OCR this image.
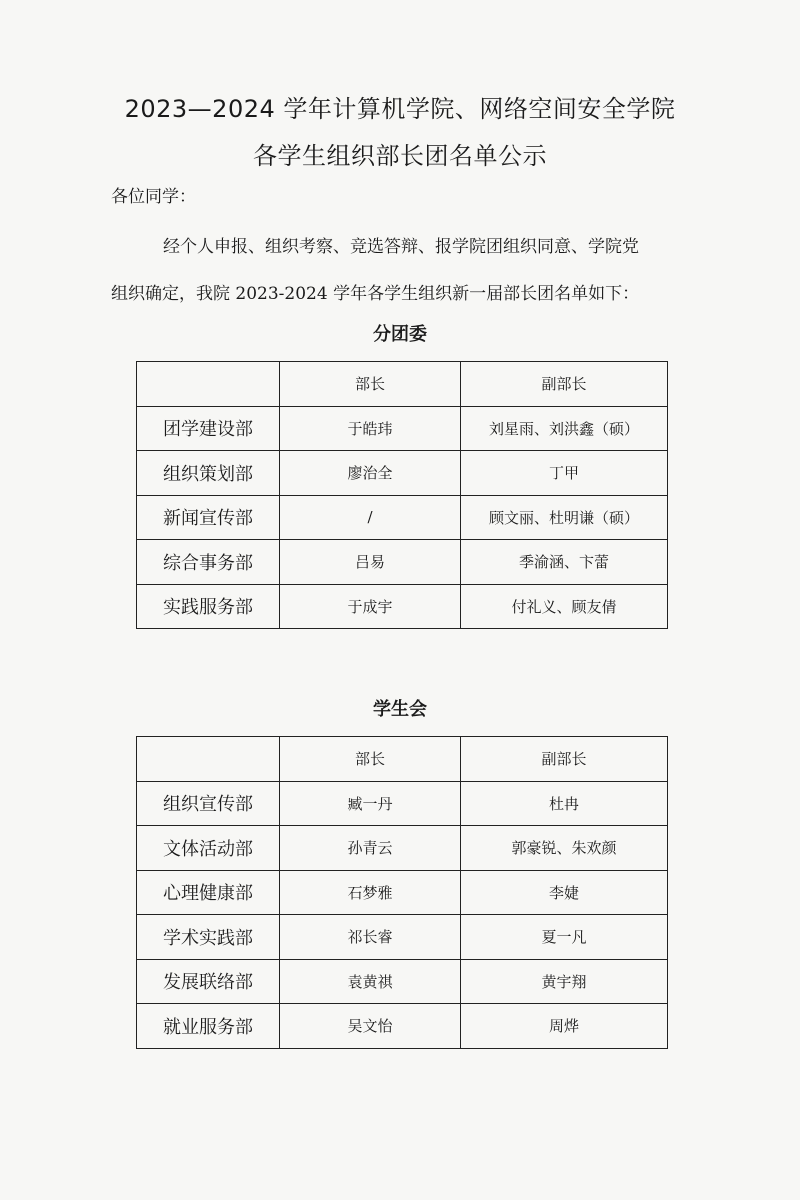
2023—2024 学年计算机学院、网络空间安全学院
各学生组织部长团名单公示
各位同学：
经个人申报、组织考察、竞选答辩、报学院团组织同意、学院党
组织确定，我院 2023-2024 学年各学生组织新一届部长团名单如下：
分团委
	部长	副部长
团学建设部	于皓玮	刘星雨、刘洪鑫（硕）
组织策划部	廖治全	丁甲
新闻宣传部	/	顾文丽、杜明谦（硕）
综合事务部	吕易	季渝涵、卞蕾
实践服务部	于成宇	付礼义、顾友倩
学生会
	部长	副部长
组织宣传部	臧一丹	杜冉
文体活动部	孙青云	郭豪锐、朱欢颜
心理健康部	石梦雅	李婕
学术实践部	祁长睿	夏一凡
发展联络部	袁黄祺	黄宇翔
就业服务部	吴文怡	周烨
